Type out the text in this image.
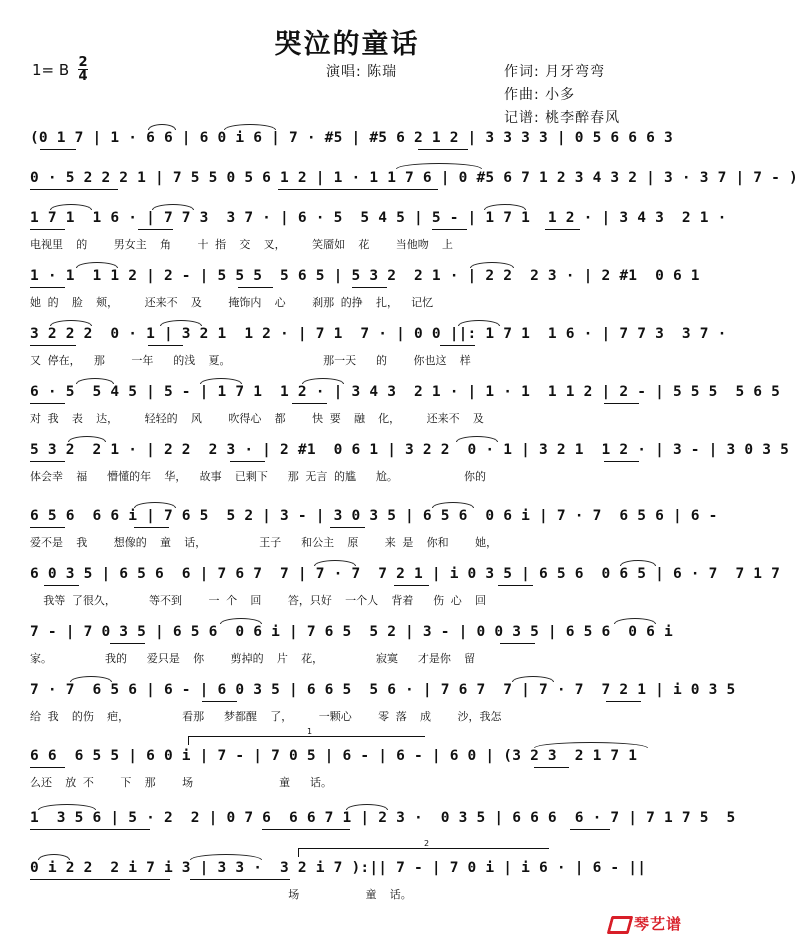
哭泣的童话
1= B 2
4	演唱: 陈瑞	作词: 月牙弯弯
作曲: 小多
记谱: 桃李醉春风
(0 1 7 | 1 · 6 6 | 6 0 i 6 | 7 · #5 | #5 6 2 1 2 | 3 3 3 3 | 0 5 6 6 6 3
0 · 5 2 2 2 1 | 7 5 5 0 5 6 1 2 | 1 · 1 1 7 6 | 0 #5 6 7 1 2 3 4 3 2 | 3 · 3 7 | 7 - )
1 7 1  1 6 · | 7 7 3  3 7 · | 6 · 5  5 4 5 | 5 - | 1 7 1  1 2 · | 3 4 3  2 1 ·
电视里  的    男女主  角    十 指  交  叉，    笑靥如  花    当他吻  上
1 · 1  1 1 2 | 2 - | 5 5 5  5 6 5 | 5 3 2  2 1 · | 2 2  2 3 · | 2 #1  0 6 1
她 的  脸  颊，    还来不  及    掩饰内  心    刹那 的挣  扎，  记忆
3 2 2 2  0 · 1 | 3 2 1  1 2 · | 7 1  7 · | 0 0 ||: 1 7 1  1 6 · | 7 7 3  3 7 ·
又 停在，  那    一年   的浅  夏。              那一天   的    你也这  样
6 · 5  5 4 5 | 5 - | 1 7 1  1 2 · | 3 4 3  2 1 · | 1 · 1  1 1 2 | 2 - | 5 5 5  5 6 5
对 我  表  达，    轻轻的  风    吹得心  都    快 要  融  化，    还来不  及
5 3 2  2 1 · | 2 2  2 3 · | 2 #1  0 6 1 | 3 2 2  0 · 1 | 3 2 1  1 2 · | 3 - | 3 0 3 5
体会幸  福   懵懂的年  华，  故事  已剩下   那 无言 的尴   尬。          你的
6 5 6  6 6 i | 7 6 5  5 2 | 3 - | 3 0 3 5 | 6 5 6  0 6 i | 7 · 7  6 5 6 | 6 -
爱不是  我    想像的  童  话，        王子   和公主  原    来 是  你和    她，
6 0 3 5 | 6 5 6  6 | 7 6 7  7 | 7 · 7  7 2 1 | i 0 3 5 | 6 5 6  0 6 5 | 6 · 7  7 1 7
我等 了很久，     等不到    一 个  回    答，只好  一个人  背着   伤 心  回
7 - | 7 0 3 5 | 6 5 6  0 6 i | 7 6 5  5 2 | 3 - | 0 0 3 5 | 6 5 6  0 6 i
家。        我的   爱只是  你    剪掉的  片  花，        寂寞   才是你  留
7 · 7  6 5 6 | 6 - | 6 0 3 5 | 6 6 5  5 6 · | 7 6 7  7 | 7 · 7  7 2 1 | i 0 3 5
给 我  的伤  疤，        看那   梦都醒  了，    一颗心    零 落  成    沙，我怎
1
6 6  6 5 5 | 6 0 i | 7 - | 7 0 5 | 6 - | 6 - | 6 0 | (3 2 3  2 1 7 1
么还  放 不    下  那    场             童   话。
1  3 5 6 | 5 · 2  2 | 0 7 6  6 6 7 1 | 2 3 ·  0 3 5 | 6 6 6  6 · 7 | 7 1 7 5  5
2
0 i 2 2  2 i 7 i 3 | 3 3 ·  3 2 i 7 ):|| 7 - | 7 0 i | i 6 · | 6 - ||
场          童  话。
琴艺谱
